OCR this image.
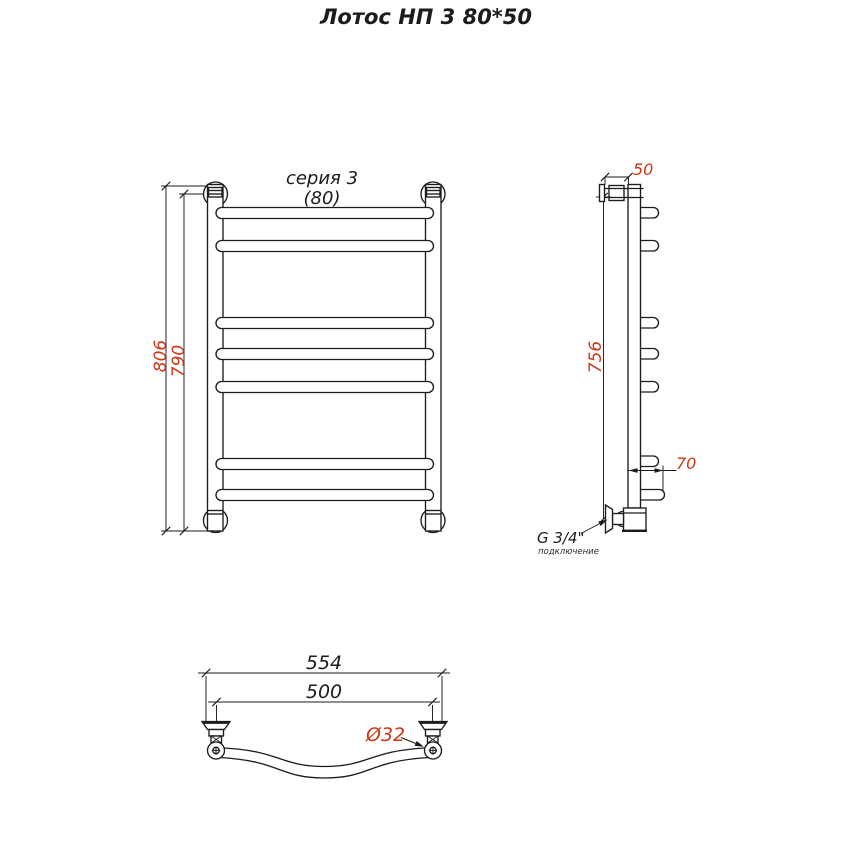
Лотос НП 3 80*50
серия 3
(80)
806
790
50
756
70
G 3/4"
подключение
554
500
Ø32
